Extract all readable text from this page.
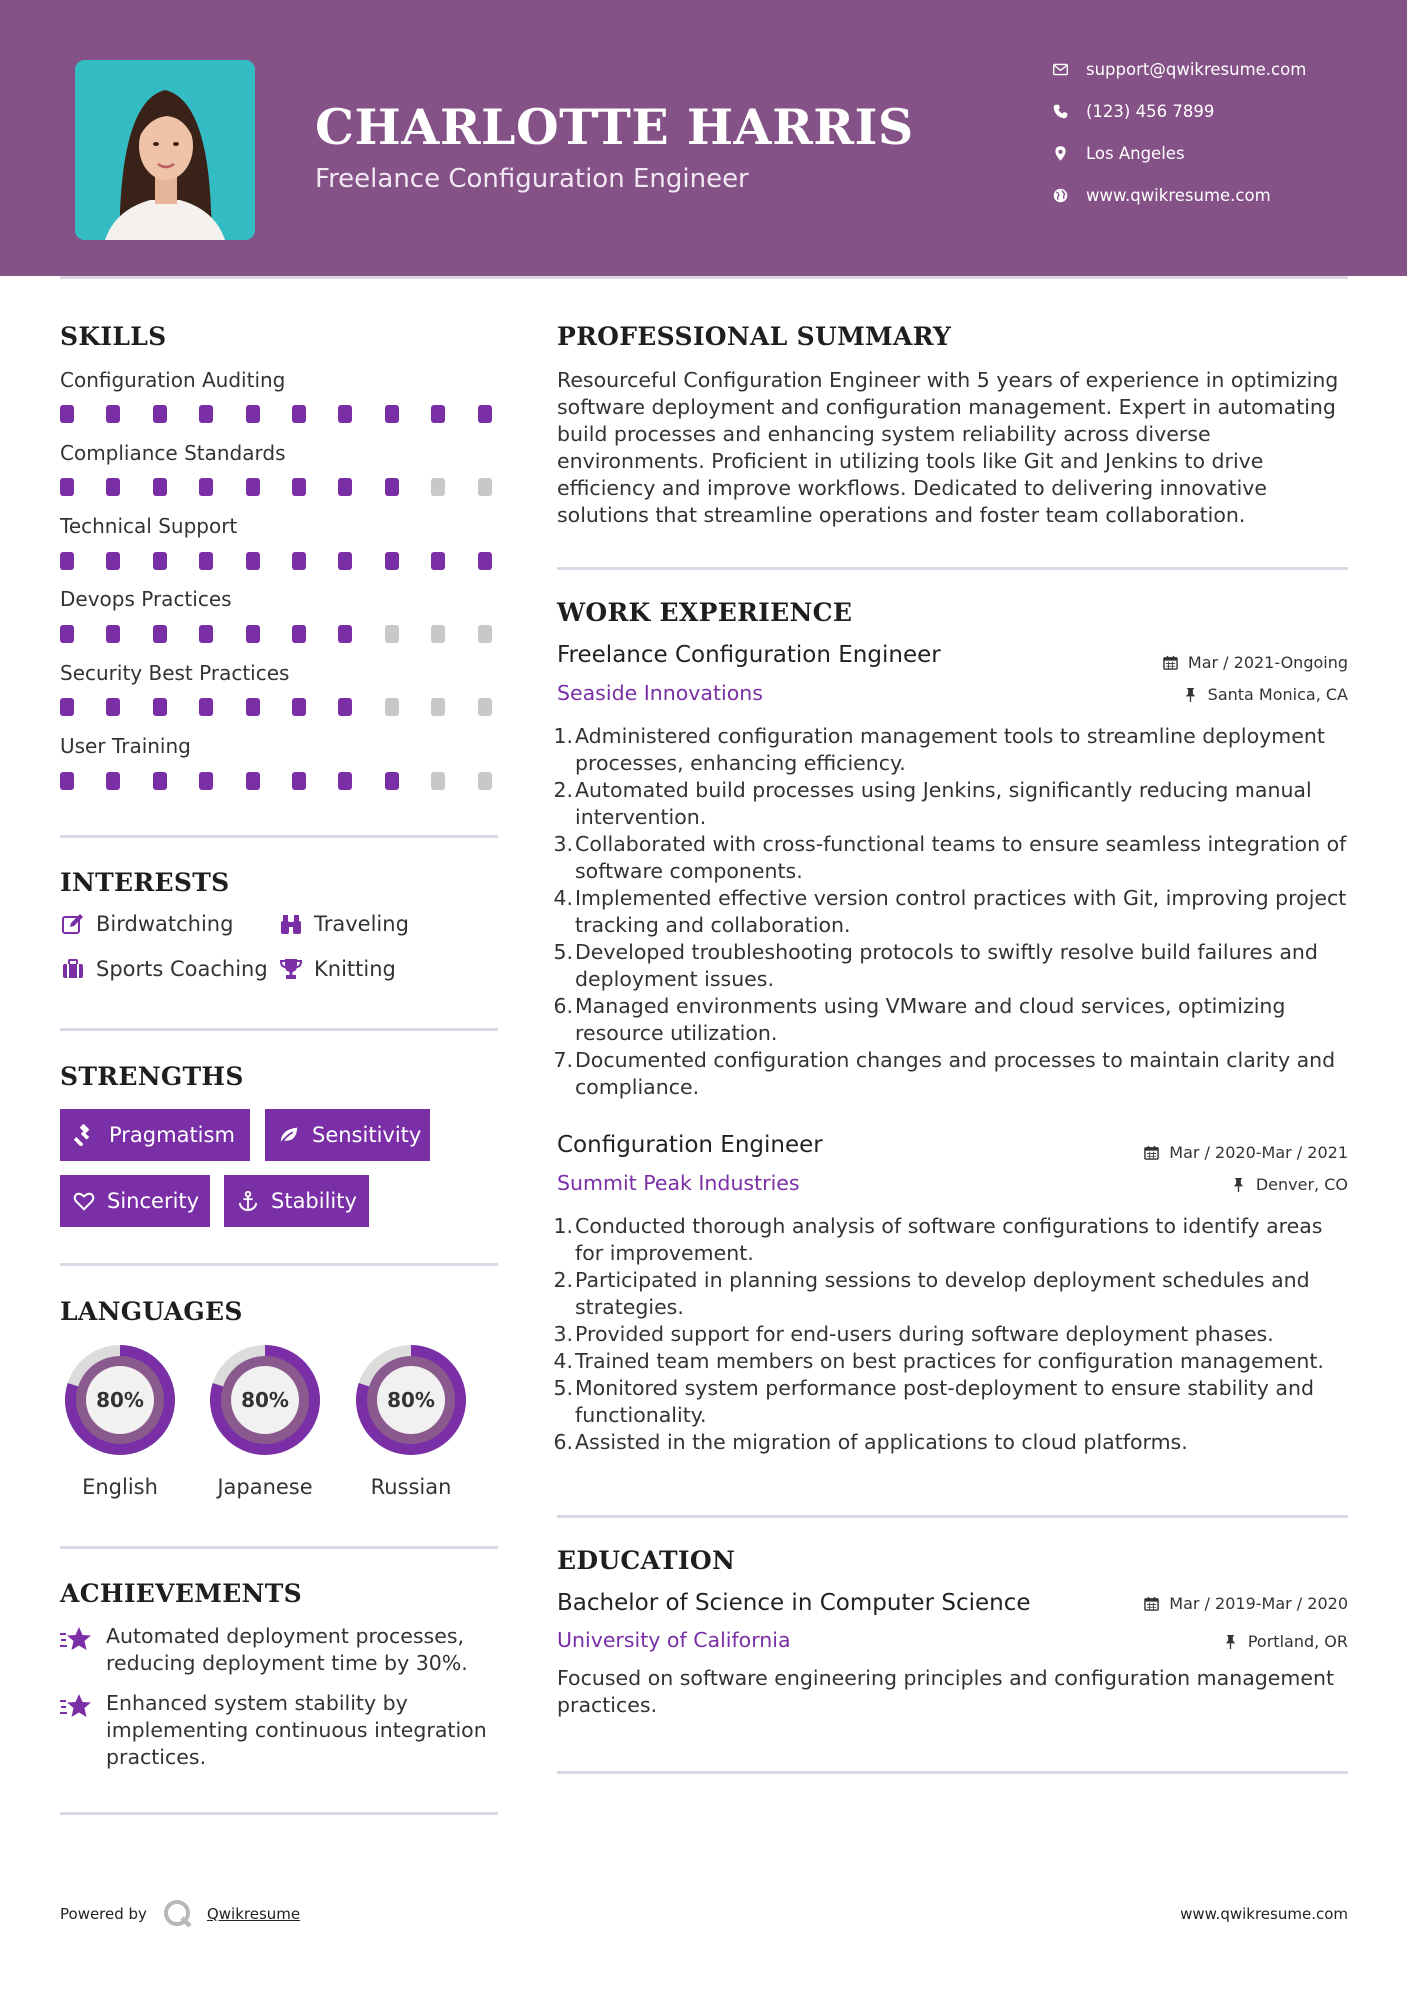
CHARLOTTE HARRIS
Freelance Configuration Engineer
support@qwikresume.com
(123) 456 7899
Los Angeles
www.qwikresume.com
SKILLS
Configuration Auditing
Compliance Standards
Technical Support
Devops Practices
Security Best Practices
User Training
INTERESTS
Birdwatching	Traveling
Sports Coaching Knitting
STRENGTHS
Pragmatism	Sensitivity
Sincerity	Stability
LANGUAGES
80%
English
80%
Japanese
80%
Russian
ACHIEVEMENTS
Automated deployment processes, reducing deployment time by 30%.
Enhanced system stability by implementing continuous integration practices.
PROFESSIONAL SUMMARY
Resourceful Configuration Engineer with 5 years of experience in optimizing software deployment and configuration management. Expert in automating build processes and enhancing system reliability across diverse environments. Proficient in utilizing tools like Git and Jenkins to drive efficiency and improve workflows. Dedicated to delivering innovative solutions that streamline operations and foster team collaboration.
WORK EXPERIENCE
Freelance Configuration Engineer	Mar / 2021-Ongoing
Seaside Innovations	Santa Monica, CA
1. Administered configuration management tools to streamline deployment processes, enhancing efficiency.
2. Automated build processes using Jenkins, significantly reducing manual intervention.
3. Collaborated with cross-functional teams to ensure seamless integration of software components.
4. Implemented effective version control practices with Git, improving project tracking and collaboration.
5. Developed troubleshooting protocols to swiftly resolve build failures and deployment issues.
6. Managed environments using VMware and cloud services, optimizing resource utilization.
7. Documented configuration changes and processes to maintain clarity and compliance.
Configuration Engineer	Mar / 2020-Mar / 2021
Summit Peak Industries	Denver, CO
1. Conducted thorough analysis of software configurations to identify areas for improvement.
2. Participated in planning sessions to develop deployment schedules and strategies.
3. Provided support for end-users during software deployment phases.
4. Trained team members on best practices for configuration management.
5. Monitored system performance post-deployment to ensure stability and functionality.
6. Assisted in the migration of applications to cloud platforms.
EDUCATION
Bachelor of Science in Computer Science	Mar / 2019-Mar / 2020
University of California	Portland, OR
Focused on software engineering principles and configuration management practices.
Powered by	Qwikresume	www.qwikresume.com
